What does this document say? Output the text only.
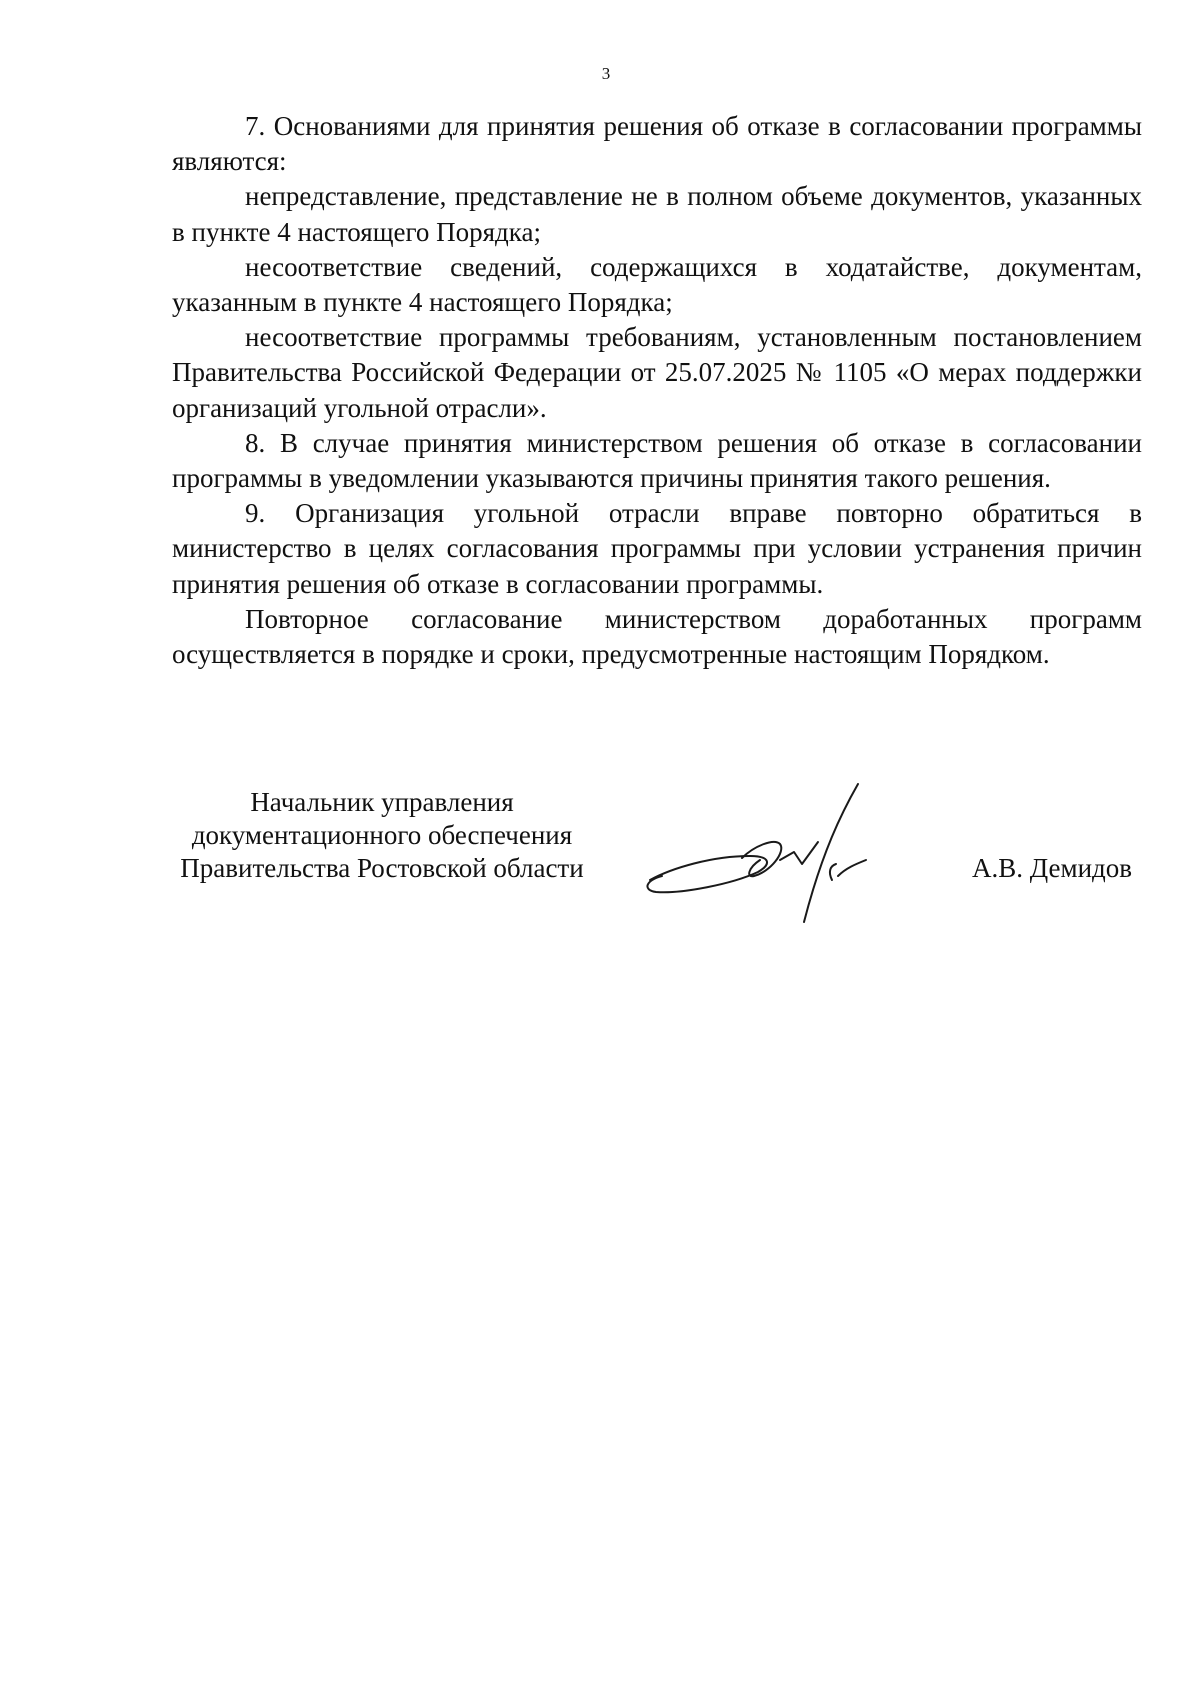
3

7. Основаниями для принятия решения об отказе в согласовании программы являются:

непредставление, представление не в полном объеме документов, указанных в пункте 4 настоящего Порядка;

несоответствие сведений, содержащихся в ходатайстве, документам, указанным в пункте 4 настоящего Порядка;

несоответствие программы требованиям, установленным постановлением Правительства Российской Федерации от 25.07.2025 № 1105 «О мерах поддержки организаций угольной отрасли».

8. В случае принятия министерством решения об отказе в согласовании программы в уведомлении указываются причины принятия такого решения.

9. Организация угольной отрасли вправе повторно обратиться в министерство в целях согласования программы при условии устранения причин принятия решения об отказе в согласовании программы.

Повторное согласование министерством доработанных программ осуществляется в порядке и сроки, предусмотренные настоящим Порядком.

Начальник управления
документационного обеспечения
Правительства Ростовской области	А.В. Демидов
